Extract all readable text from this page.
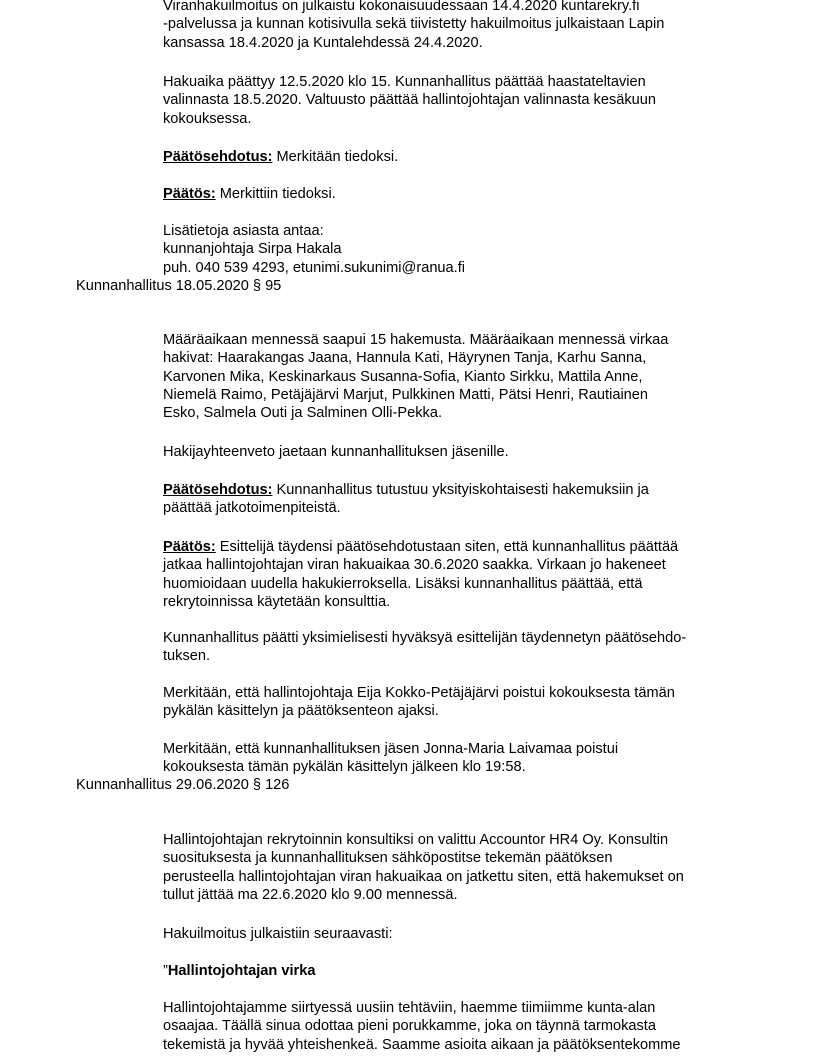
Viranhakuilmoitus on julkaistu kokonaisuudessaan 14.4.2020 kuntarekry.fi
-palvelussa ja kunnan kotisivulla sekä tiivistetty hakuilmoitus julkaistaan Lapin
kansassa 18.4.2020 ja Kuntalehdessä 24.4.2020.

Hakuaika päättyy 12.5.2020 klo 15. Kunnanhallitus päättää haastateltavien
valinnasta 18.5.2020. Valtuusto päättää hallintojohtajan valinnasta kesäkuun
kokouksessa.

Päätösehdotus: Merkitään tiedoksi.

Päätös: Merkittiin tiedoksi.

Lisätietoja asiasta antaa:
kunnanjohtaja Sirpa Hakala
puh. 040 539 4293, etunimi.sukunimi@ranua.fi

Kunnanhallitus 18.05.2020 § 95

Määräaikaan mennessä saapui 15 hakemusta. Määräaikaan mennessä virkaa
hakivat: Haarakangas Jaana, Hannula Kati, Häyrynen Tanja, Karhu Sanna,
Karvonen Mika, Keskinarkaus Susanna-Sofia, Kianto Sirkku, Mattila Anne,
Niemelä Raimo, Petäjäjärvi Marjut, Pulkkinen Matti, Pätsi Henri, Rautiainen
Esko, Salmela Outi ja Salminen Olli-Pekka.

Hakijayhteenveto jaetaan kunnanhallituksen jäsenille.

Päätösehdotus: Kunnanhallitus tutustuu yksityiskohtaisesti hakemuksiin ja
päättää jatkotoimenpiteistä.

Päätös: Esittelijä täydensi päätösehdotustaan siten, että kunnanhallitus päättää
jatkaa hallintojohtajan viran hakuaikaa 30.6.2020 saakka. Virkaan jo hakeneet
huomioidaan uudella hakukierroksella. Lisäksi kunnanhallitus päättää, että
rekrytoinnissa käytetään konsulttia.

Kunnanhallitus päätti yksimielisesti hyväksyä esittelijän täydennetyn päätösehdo-
tuksen.

Merkitään, että hallintojohtaja Eija Kokko-Petäjäjärvi poistui kokouksesta tämän
pykälän käsittelyn ja päätöksenteon ajaksi.

Merkitään, että kunnanhallituksen jäsen Jonna-Maria Laivamaa poistui
kokouksesta tämän pykälän käsittelyn jälkeen klo 19:58.

Kunnanhallitus 29.06.2020 § 126

Hallintojohtajan rekrytoinnin konsultiksi on valittu Accountor HR4 Oy. Konsultin
suosituksesta ja kunnanhallituksen sähköpostitse tekemän päätöksen
perusteella hallintojohtajan viran hakuaikaa on jatkettu siten, että hakemukset on
tullut jättää ma 22.6.2020 klo 9.00 mennessä.

Hakuilmoitus julkaistiin seuraavasti:

”Hallintojohtajan virka

Hallintojohtajamme siirtyessä uusiin tehtäviin, haemme tiimiimme kunta-alan
osaajaa. Täällä sinua odottaa pieni porukkamme, joka on täynnä tarmokasta
tekemistä ja hyvää yhteishenkeä. Saamme asioita aikaan ja päätöksentekomme
